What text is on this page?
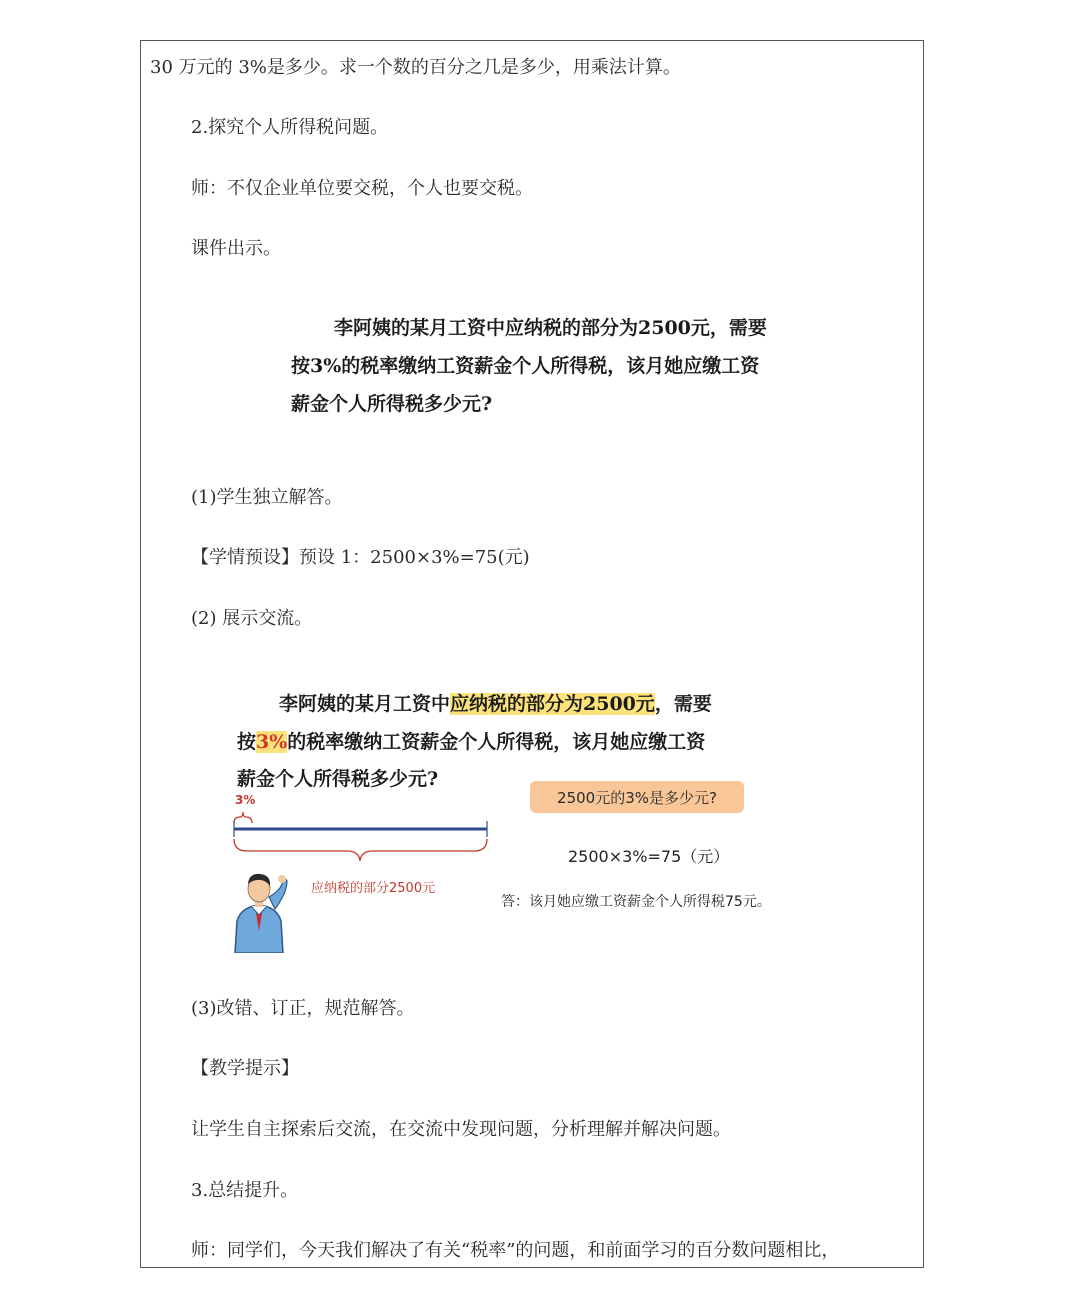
30 万元的 3%是多少。求一个数的百分之几是多少，用乘法计算。
2.探究个人所得税问题。
师：不仅企业单位要交税，个人也要交税。
课件出示。
李阿姨的某月工资中应纳税的部分为2500元，需要
按3%的税率缴纳工资薪金个人所得税，该月她应缴工资
薪金个人所得税多少元?
(1)学生独立解答。
【学情预设】预设 1：2500×3%=75(元)
(2) 展示交流。
李阿姨的某月工资中应纳税的部分为2500元，需要
按3%的税率缴纳工资薪金个人所得税，该月她应缴工资
薪金个人所得税多少元?
3%
应纳税的部分2500元
2500元的3%是多少元?
2500×3%=75（元）
答：该月她应缴工资薪金个人所得税75元。
(3)改错、订正，规范解答。
【教学提示】
让学生自主探索后交流，在交流中发现问题，分析理解并解决问题。
3.总结提升。
师：同学们，今天我们解决了有关“税率”的问题，和前面学习的百分数问题相比，
